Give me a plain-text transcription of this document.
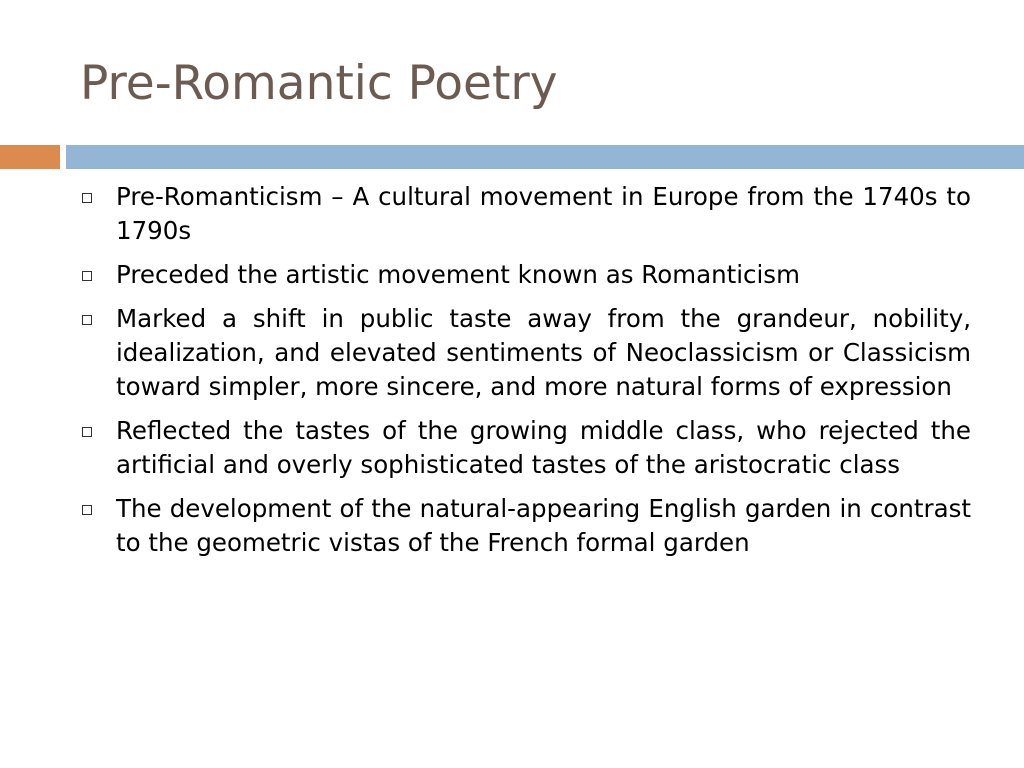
Pre-Romantic Poetry
Pre-Romanticism – A cultural movement in Europe from the 1740s to 1790s
Preceded the artistic movement known as Romanticism
Marked a shift in public taste away from the grandeur, nobility, idealization, and elevated sentiments of Neoclassicism or Classicism toward simpler, more sincere, and more natural forms of expression
Reflected the tastes of the growing middle class, who rejected the artificial and overly sophisticated tastes of the aristocratic class
The development of the natural-appearing English garden in contrast to the geometric vistas of the French formal garden
